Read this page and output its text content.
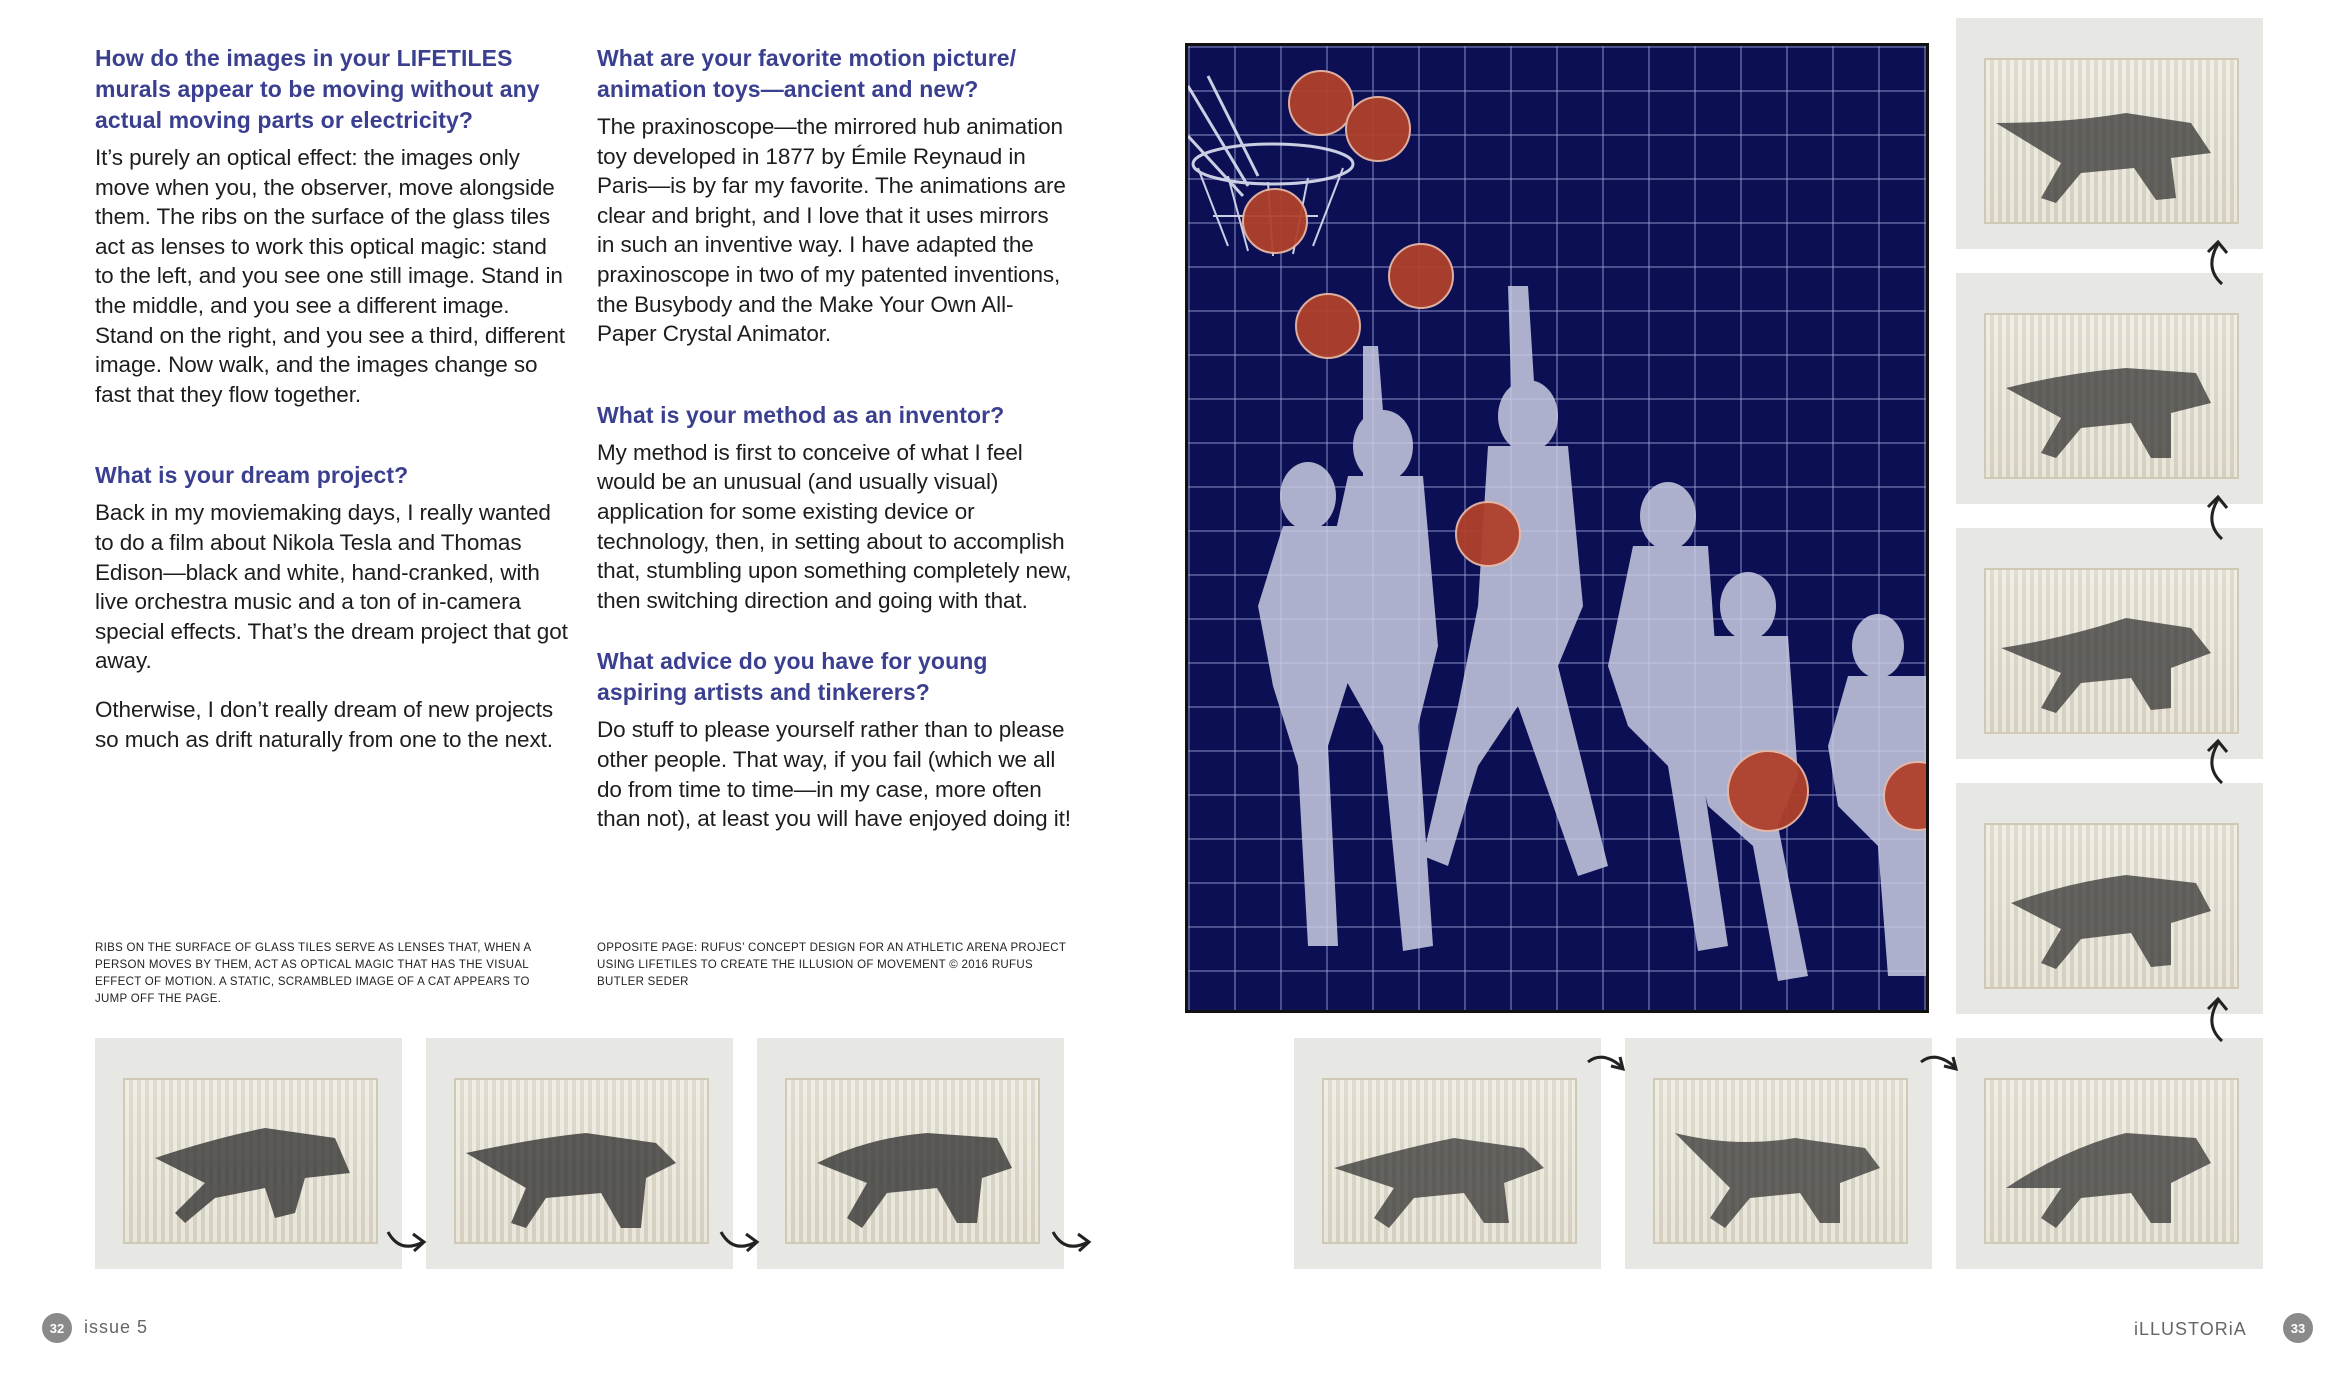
How do the images in your LIFETILES murals appear to be moving without any actual moving parts or electricity?

It’s purely an optical effect: the images only move when you, the observer, move alongside them. The ribs on the surface of the glass tiles act as lenses to work this optical magic: stand to the left, and you see one still image. Stand in the middle, and you see a different image. Stand on the right, and you see a third, different image. Now walk, and the images change so fast that they flow together.

What is your dream project?

Back in my moviemaking days, I really wanted to do a film about Nikola Tesla and Thomas Edison—black and white, hand-cranked, with live orchestra music and a ton of in-camera special effects. That’s the dream project that got away.

Otherwise, I don’t really dream of new projects so much as drift naturally from one to the next.

What are your favorite motion picture/ animation toys—ancient and new?

The praxinoscope—the mirrored hub animation toy developed in 1877 by Émile Reynaud in Paris—is by far my favorite. The animations are clear and bright, and I love that it uses mirrors in such an inventive way. I have adapted the praxinoscope in two of my patented inventions, the Busybody and the Make Your Own All-Paper Crystal Animator.

What is your method as an inventor?

My method is first to conceive of what I feel would be an unusual (and usually visual) application for some existing device or technology, then, in setting about to accomplish that, stumbling upon something completely new, then switching direction and going with that.

What advice do you have for young aspiring artists and tinkerers?

Do stuff to please yourself rather than to please other people. That way, if you fail (which we all do from time to time—in my case, more often than not), at least you will have enjoyed doing it!

RIBS ON THE SURFACE OF GLASS TILES SERVE AS LENSES THAT, WHEN A PERSON MOVES BY THEM, ACT AS OPTICAL MAGIC THAT HAS THE VISUAL EFFECT OF MOTION. A STATIC, SCRAMBLED IMAGE OF A CAT APPEARS TO JUMP OFF THE PAGE.
OPPOSITE PAGE: RUFUS’ CONCEPT DESIGN FOR AN ATHLETIC ARENA PROJECT USING LIFETILES TO CREATE THE ILLUSION OF MOVEMENT © 2016 RUFUS BUTLER SEDER
32	issue 5	iLLUSTORiA	33
